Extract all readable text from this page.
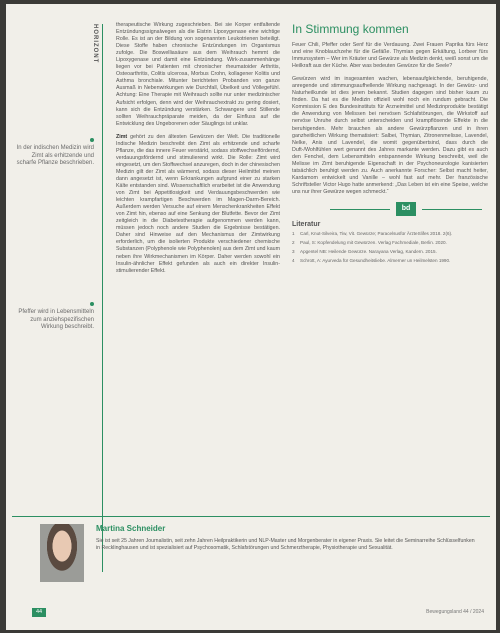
HORIZONT
In der indischen Medizin wird Zimt als erhitzende und scharfe Pflanze beschrieben.
Pfeffer wird in Lebensmitteln zum anziehspezifischen Wirkung beschreibt.

therapeutische Wirkung zugeschrieben. Bei sie Korper entfaltende Entzündungssignalwegen als die Eistrin Lipoxygenase eine wichtige Rolle. Es ist an der Bildung von sogenannten Leukotrienen beteiligt. Diese Stoffe haben chronische Entzündungen im Organismus zufolge. Die Boswelliasäure aus dem Weihrauch hemmt die Lipoxygenase und damit eine Entzündung. Wirk-zusammenhänge liegen vor bei Patienten mit chronischer rheumatoider Arthritis, Osteoarthritis, Colitis ulcerosa, Morbus Crohn, kollagener Kolitis und Asthma bronchiale. Mitunter berichteten Probanden von ganze Ausmaß in Nebenwirkungen wie Durchfall, Übelkeit und Völlegefühl. Achtung: Eine Therapie mit Weihrauch sollte nur unter medizinischer Aufsicht erfolgen, denn wird der Weihrauchextrakt zu gering dosiert, kann sich die Entzündung verstärken. Schwangere und Stillende sollten Weihrauchpräparate meiden, da der Einfluss auf die Entwicklung des Ungeborenen oder Säuglings ist unklar.

Zimt gehört zu den ältesten Gewürzen der Welt. Die traditionelle Indische Medizin beschreibt den Zimt als erhitzende und scharfe Pflanze, die das innere Feuer verstärkt, sodass stoffwechselfördernd, verdauungsfördernd und stimulierend wirkt. Die Rolle: Zimt wird eingesetzt, um den Stoffwechsel anzuregen, doch in der chinesischen Medizin gilt der Zimt als wärmend, sodass dieser Heilmittel meinen dann angesetzt ist, wenn Erkrankungen aufgrund einer zu starken Kälte entstanden sind. Wissenschaftlich erarbeitet ist die Anwendung von Zimt bei Appetitlosigkeit und Verdauungsbeschwerden wie leichten krampfartigen Beschwerden im Magen-Darm-Bereich. Außerdem werden Versuche auf einem Menschenkrankheiten Effekt von Zimt hin, ebenso auf eine Senkung der Blutfette. Bevor der Zimt zeitgleich in die Diabetestherapie aufgenommen werden kann, müssen jedoch noch andere Studien die Ergebnisse bestätigen. Daher sind Hinweise auf den Mechanismus der Zimtwirkung erforderlich, um die isolierten Produkte verschiedener chemische Substanzen (Polyphenole wie Polyphenolen) aus dem Zimt und kaum neben ihre Wirkmechanismen im Körper. Daher werden sowohl ein Insulin-ähnlicher Effekt gefunden als auch ein direkter Insulin-stimulierender Effekt.

In Stimmung kommen

Feuer Chili, Pfeffer oder Senf für die Verdauung. Zwei Frauen Paprika fürs Herz und eine Knoblauchzehe für die Gefäße. Thymian gegen Erkältung, Lorbeer fürs Immunsystem – Wer im Kräuter und Gewürze als Medizin denkt, weiß sonst um die Heilkraft aus der Küche. Aber was bedeuten Gewürze für die Seele?

Gewürzen wird im insgesamten wachen, lebensaufgleichende, beruhigende, anregende und stimmungsaufhellende Wirkung nachgesagt. In der Gewürz- und Naturheilkunde ist dies jenen bekannt. Studien dagegen sind bisher kaum zu finden. Da hat es die Medizin offiziell wohl noch ein rundum gebracht. Die Kommission E des Bundesinstituts für Arzneimittel und Medizinprodukte bestätigt die Anwendung von Melissen bei nervösen Schlafstörungen, die Wirkstoff auf nervöse Unruhe durch selbst unterscheiden und krampflösende Effekte in die beruhigenden. Mehr brauchen als andere Gewürzpflanzen und in ihren ganzheitlichen Wirkung thematisiert: Salbei, Thymian, Zitronenmelisse, Lavendel, Nelke, Anis und Lavendel, die womit gegenübertsind, dass durch die Duft-/Wohlfühlen wert genannt des Jahres markante werden. Dazu gibt es auch den Fenchel, dem Lebensmitteln entspannende Wirkung beschreibt, weil die Melisse im Zimt beruhigende Eigenschaft in der Psychoneurologie kanisierten tatsächlich beruhigt werden zu. Auch anerkannte Forscher: Selbst macht heiter, Kardamom entwickelt und Vanille – wohl fast auf mehr. Der französische Schriftsteller Victor Hugo hatte anmerkend: „Das Leben ist ein eine Speise, welche uns nur ihrer Gewürze wegen schmeckt.“

bd
Literatur
1	Carl, Knut-Silveira, Tiw, Vit. Gewürze; Paracelsusfür ÄrzteSlifes 2018. 2(6).
2	Paul, S: Kopfendelung mit Gewürzen. Verlag Fachmediale, Berlin. 2020.
3	Apgentel NB: Heilende Gewürze. Narayana Verlag, Kandern. 2015.
4	Schrott, A: Ayurveda für Gesundheitsliebe. Almerner un Heilmelsten 1990.
Martina Schneider
Sie ist seit 25 Jahren Journalistin, seit zehn Jahren Heilpraktikerin und NLP-Master und Morgenberater in eigener Praxis. Sie leitet die Seminarreihe Schlüsselfunken in Recklinghausen und ist spezialisiert auf Psychosomatik, Schlafstörungen und Schmerztherapie, Physiotherapie und Sexualität.
44	Bewegungsland 44 / 2024
